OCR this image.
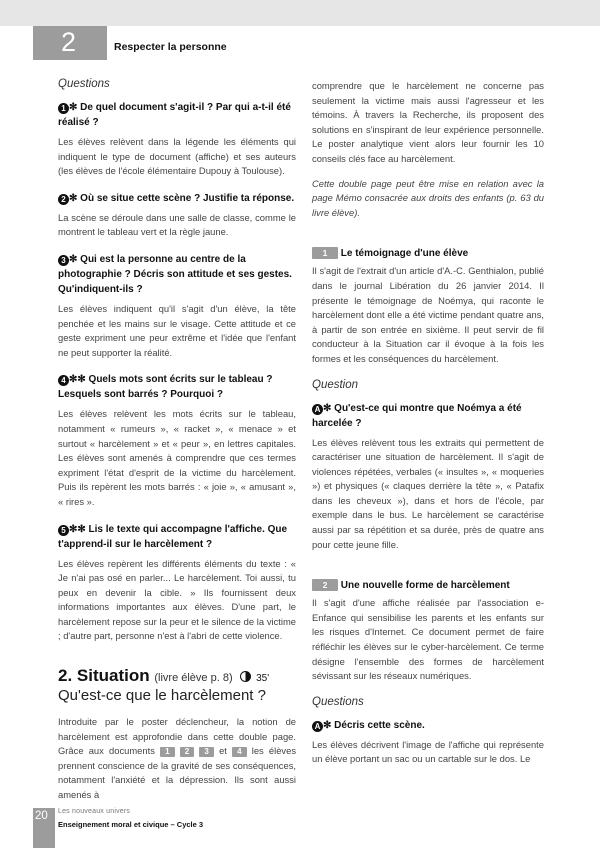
2	Respecter la personne
Questions
1 ✻ De quel document s'agit-il ? Par qui a-t-il été réalisé ?

Les élèves relèvent dans la légende les éléments qui indiquent le type de document (affiche) et ses auteurs (les élèves de l'école élémentaire Dupouy à Toulouse).

2 ✻ Où se situe cette scène ? Justifie ta réponse.

La scène se déroule dans une salle de classe, comme le montrent le tableau vert et la règle jaune.

3 ✻ Qui est la personne au centre de la photographie ? Décris son attitude et ses gestes. Qu'indiquent-ils ?

Les élèves indiquent qu'il s'agit d'un élève, la tête penchée et les mains sur le visage. Cette attitude et ce geste expriment une peur extrême et l'idée que l'enfant ne peut supporter la réalité.

4 ✻✻ Quels mots sont écrits sur le tableau ? Lesquels sont barrés ? Pourquoi ?

Les élèves relèvent les mots écrits sur le tableau, notamment « rumeurs », « racket », « menace » et surtout « harcèlement » et « peur », en lettres capitales. Les élèves sont amenés à comprendre que ces termes expriment l'état d'esprit de la victime du harcèlement. Puis ils repèrent les mots barrés : « joie », « amusant », « rires ».

5 ✻✻ Lis le texte qui accompagne l'affiche. Que t'apprend-il sur le harcèlement ?

Les élèves repèrent les différents éléments du texte : « Je n'ai pas osé en parler... Le harcèlement. Toi aussi, tu peux en devenir la cible. » Ils fournissent deux informations importantes aux élèves. D'une part, le harcèlement repose sur la peur et le silence de la victime ; d'autre part, personne n'est à l'abri de cette violence.

2. Situation (livre élève p. 8) 35'
Qu'est-ce que le harcèlement ?

Introduite par le poster déclencheur, la notion de harcèlement est approfondie dans cette double page. Grâce aux documents 1 2 3 et 4 les élèves prennent conscience de la gravité de ses conséquences, notamment l'anxiété et la dépression. Ils sont aussi amenés à

comprendre que le harcèlement ne concerne pas seulement la victime mais aussi l'agresseur et les témoins. À travers la Recherche, ils proposent des solutions en s'inspirant de leur expérience personnelle. Le poster analytique vient alors leur fournir les 10 conseils clés face au harcèlement.

Cette double page peut être mise en relation avec la page Mémo consacrée aux droits des enfants (p. 63 du livre élève).

1 Le témoignage d'une élève

Il s'agit de l'extrait d'un article d'A.-C. Genthialon, publié dans le journal Libération du 26 janvier 2014. Il présente le témoignage de Noémya, qui raconte le harcèlement dont elle a été victime pendant quatre ans, à partir de son entrée en sixième. Il peut servir de fil conducteur à la Situation car il évoque à la fois les formes et les conséquences du harcèlement.

Question
A ✻ Qu'est-ce qui montre que Noémya a été harcelée ?

Les élèves relèvent tous les extraits qui permettent de caractériser une situation de harcèlement. Il s'agit de violences répétées, verbales (« insultes », « moqueries ») et physiques (« claques derrière la tête », « Patafix dans les cheveux »), dans et hors de l'école, par exemple dans le bus. Le harcèlement se caractérise aussi par sa répétition et sa durée, près de quatre ans pour cette jeune fille.

2 Une nouvelle forme de harcèlement

Il s'agit d'une affiche réalisée par l'association e-Enfance qui sensibilise les parents et les enfants sur les risques d'Internet. Ce document permet de faire réfléchir les élèves sur le cyber-harcèlement. Ce terme désigne l'ensemble des formes de harcèlement sévissant sur les réseaux numériques.

Questions
A ✻ Décris cette scène.

Les élèves décrivent l'image de l'affiche qui représente un élève portant un sac ou un cartable sur le dos. Le

20	Les nouveaux univers
Enseignement moral et civique – Cycle 3
